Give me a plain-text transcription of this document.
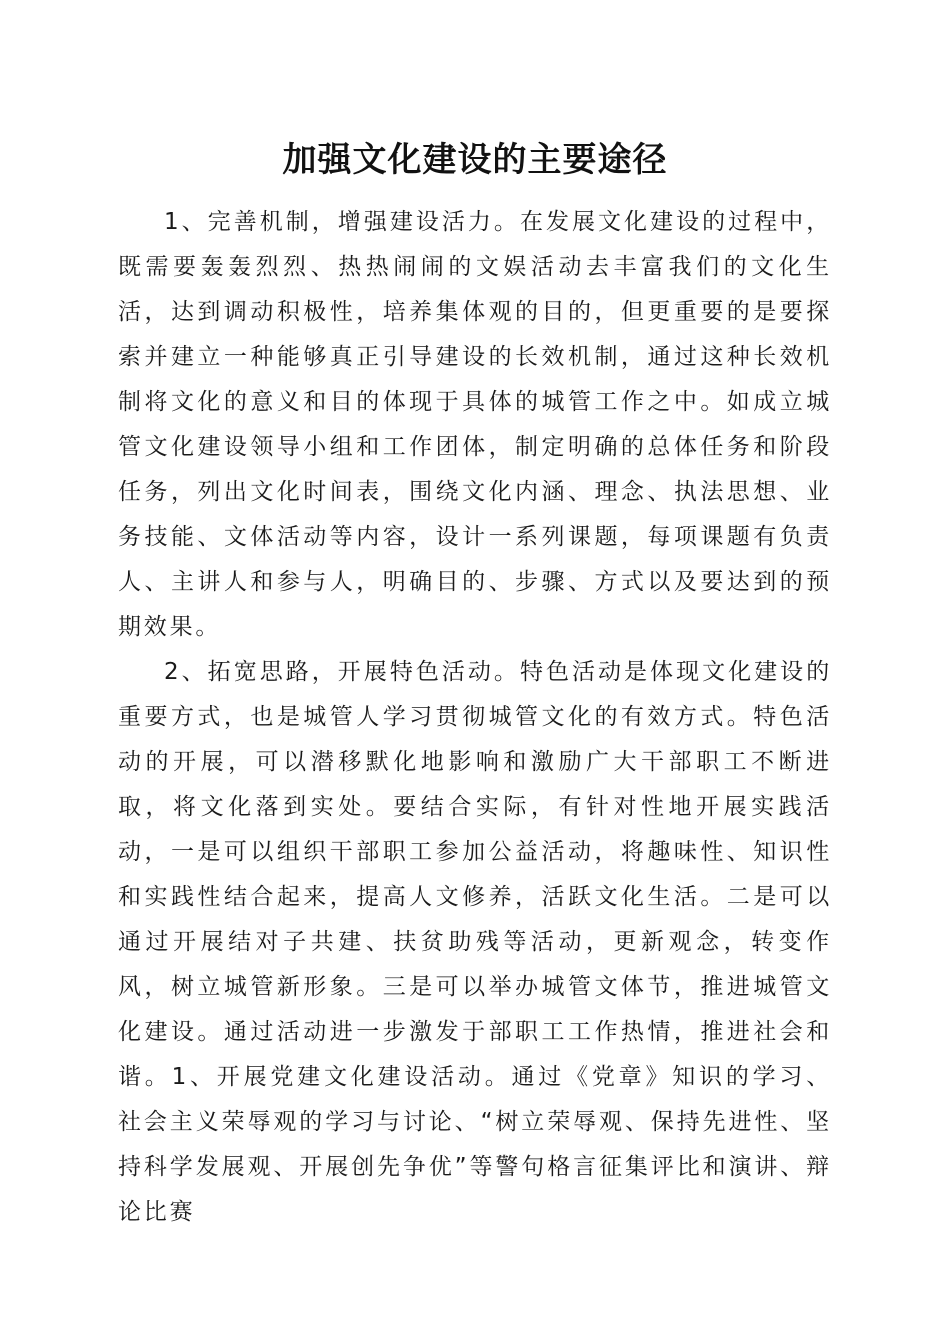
加强文化建设的主要途径

1、完善机制，增强建设活力。在发展文化建设的过程中，既需要轰轰烈烈、热热闹闹的文娱活动去丰富我们的文化生活，达到调动积极性，培养集体观的目的，但更重要的是要探索并建立一种能够真正引导建设的长效机制，通过这种长效机制将文化的意义和目的体现于具体的城管工作之中。如成立城管文化建设领导小组和工作团体，制定明确的总体任务和阶段任务，列出文化时间表，围绕文化内涵、理念、执法思想、业务技能、文体活动等内容，设计一系列课题，每项课题有负责人、主讲人和参与人，明确目的、步骤、方式以及要达到的预期效果。

2、拓宽思路，开展特色活动。特色活动是体现文化建设的重要方式，也是城管人学习贯彻城管文化的有效方式。特色活动的开展，可以潜移默化地影响和激励广大干部职工不断进取，将文化落到实处。要结合实际，有针对性地开展实践活动，一是可以组织干部职工参加公益活动，将趣味性、知识性和实践性结合起来，提高人文修养，活跃文化生活。二是可以通过开展结对子共建、扶贫助残等活动，更新观念，转变作风，树立城管新形象。三是可以举办城管文体节，推进城管文化建设。通过活动进一步激发于部职工工作热情，推进社会和谐。1、开展党建文化建设活动。通过《党章》知识的学习、社会主义荣辱观的学习与讨论、“树立荣辱观、保持先进性、坚持科学发展观、开展创先争优”等警句格言征集评比和演讲、辩论比赛
